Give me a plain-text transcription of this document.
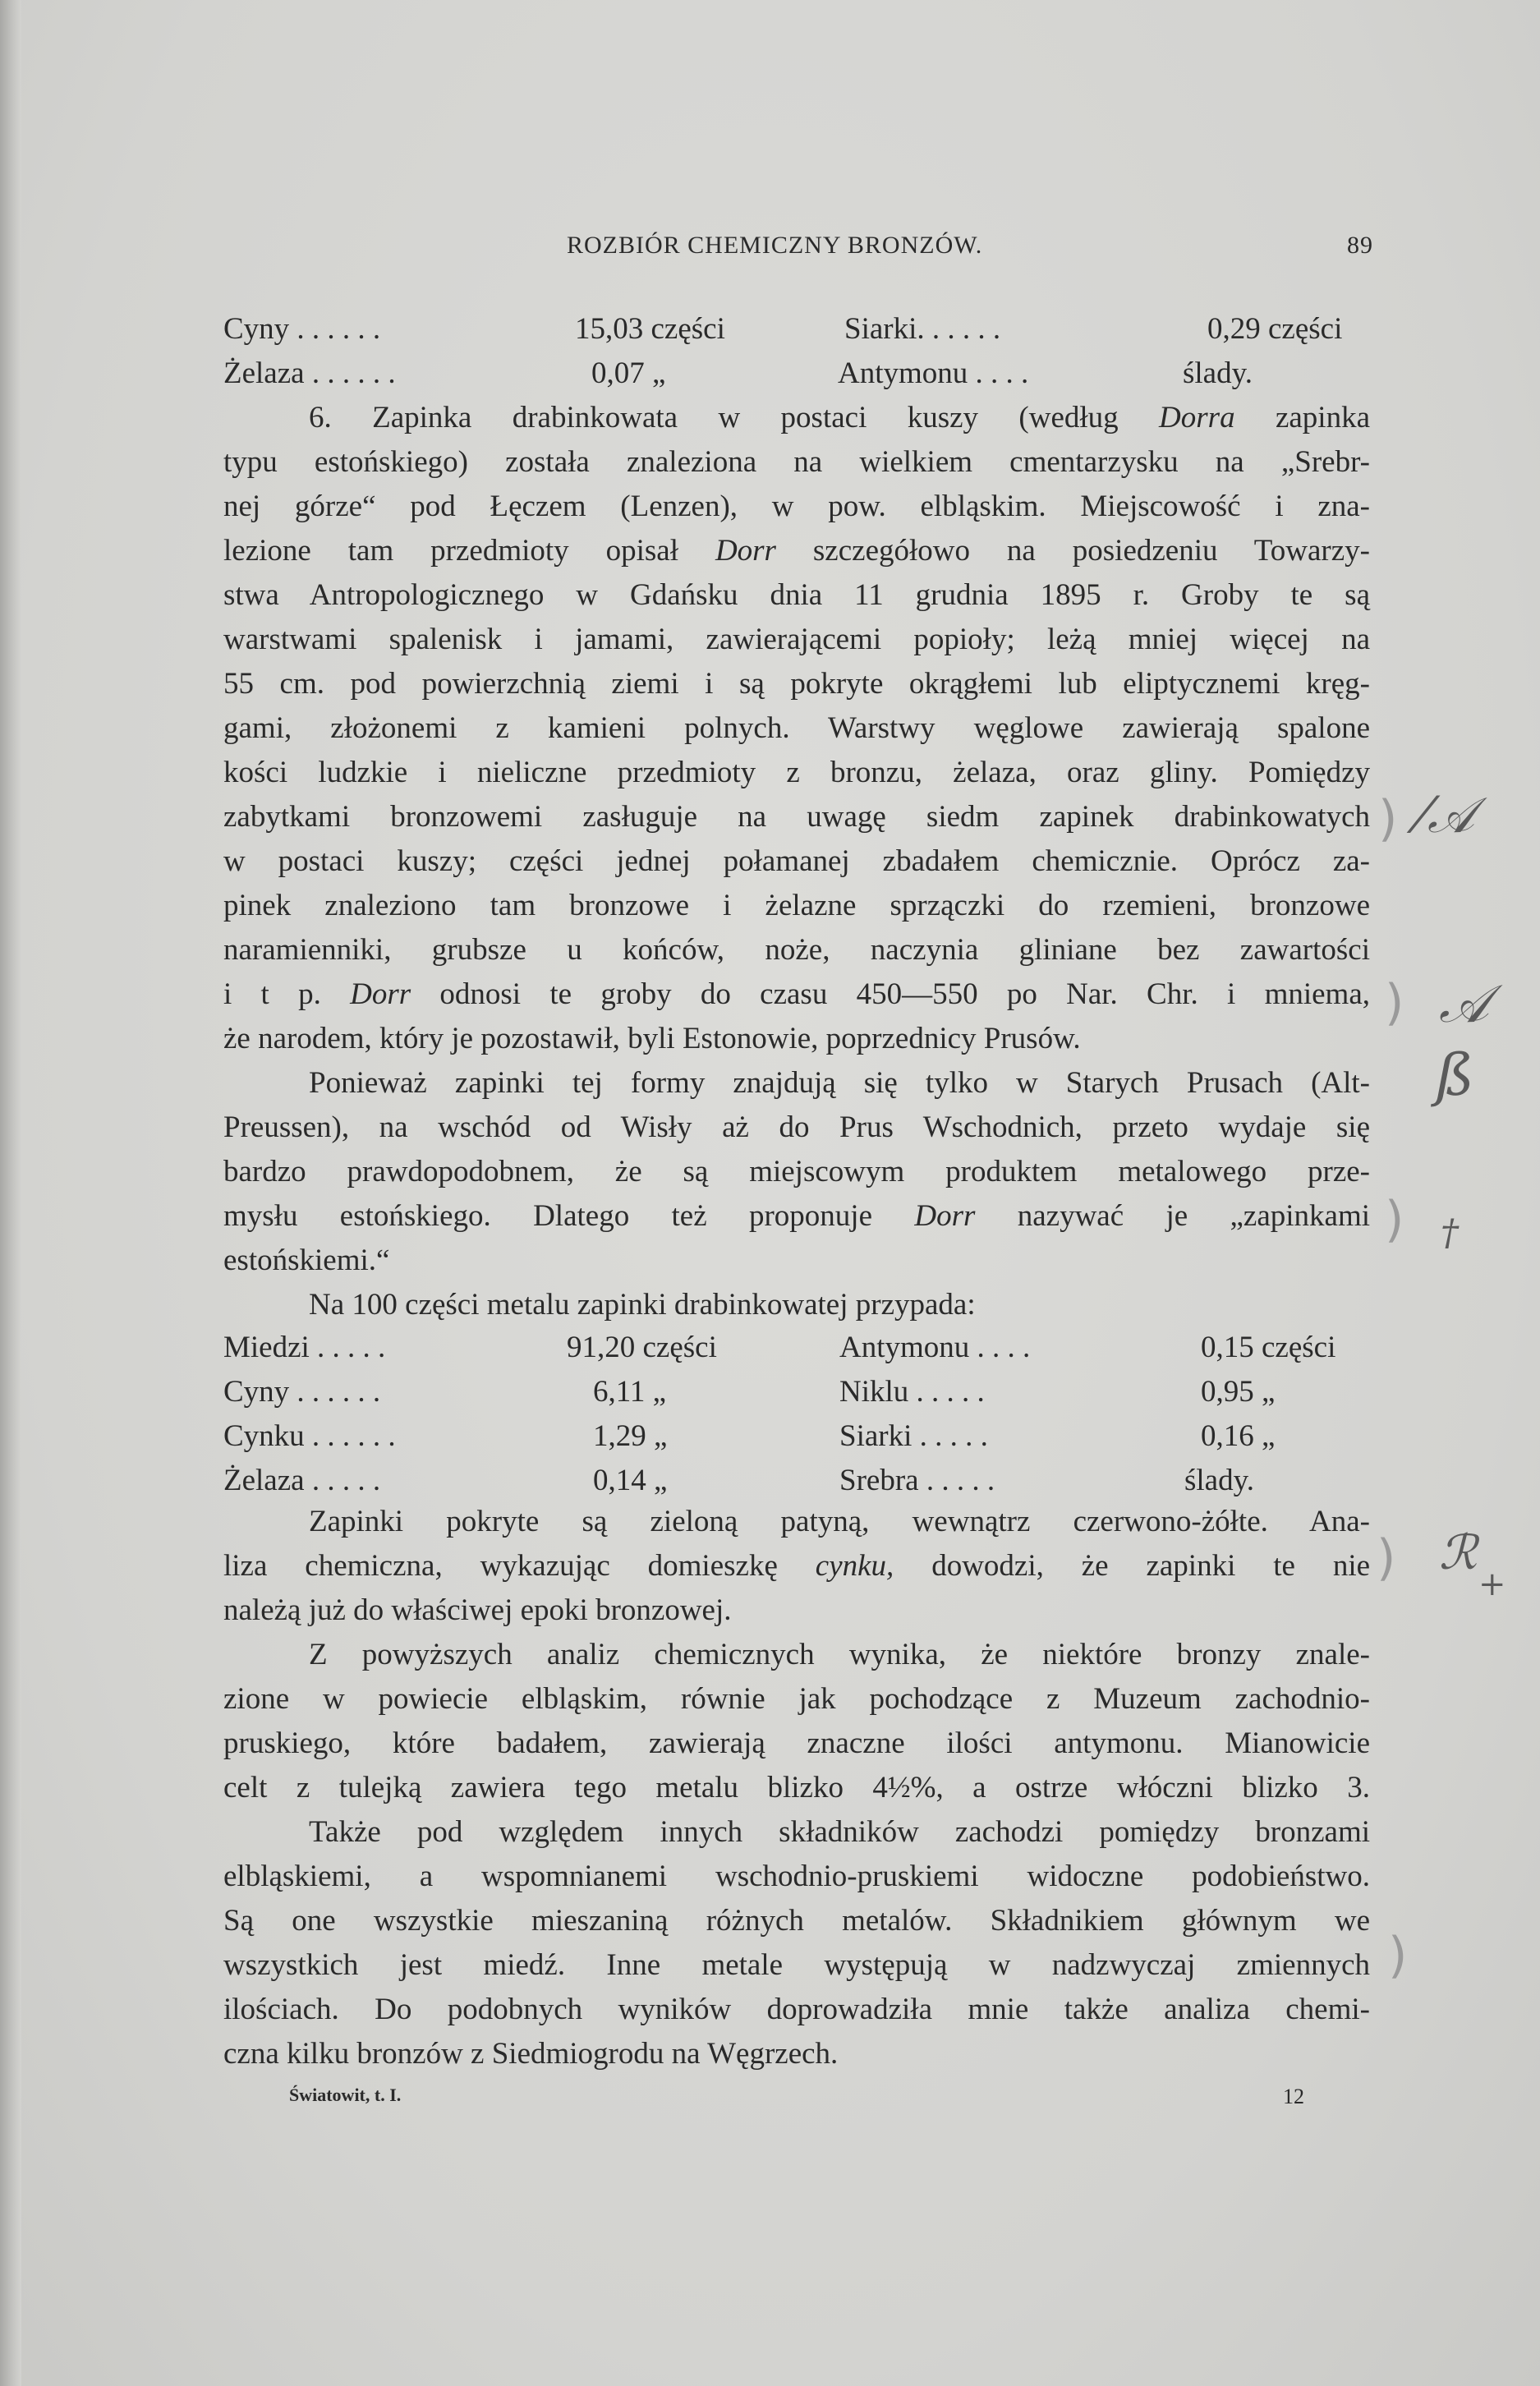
ROZBIÓR CHEMICZNY BRONZÓW.	89
Cyny . . . . . .	15,03 części	Siarki. . . . . .	0,29 części
Żelaza . . . . . .	0,07 „	Antymonu . . . .	ślady.
6. Zapinka drabinkowata w postaci kuszy (według Dorra zapinka
typu estońskiego) została znaleziona na wielkiem cmentarzysku na „Srebr-
nej górze“ pod Łęczem (Lenzen), w pow. elbląskim. Miejscowość i zna-
lezione tam przedmioty opisał Dorr szczegółowo na posiedzeniu Towarzy-
stwa Antropologicznego w Gdańsku dnia 11 grudnia 1895 r. Groby te są
warstwami spalenisk i jamami, zawierającemi popioły; leżą mniej więcej na
55 cm. pod powierzchnią ziemi i są pokryte okrągłemi lub eliptycznemi kręg-
gami, złożonemi z kamieni polnych. Warstwy węglowe zawierają spalone
kości ludzkie i nieliczne przedmioty z bronzu, żelaza, oraz gliny. Pomiędzy
zabytkami bronzowemi zasługuje na uwagę siedm zapinek drabinkowatych
w postaci kuszy; części jednej połamanej zbadałem chemicznie. Oprócz za-
pinek znaleziono tam bronzowe i żelazne sprzączki do rzemieni, bronzowe
naramienniki, grubsze u końców, noże, naczynia gliniane bez zawartości
i t p. Dorr odnosi te groby do czasu 450—550 po Nar. Chr. i mniema,
że narodem, który je pozostawił, byli Estonowie, poprzednicy Prusów.
Ponieważ zapinki tej formy znajdują się tylko w Starych Prusach (Alt-
Preussen), na wschód od Wisły aż do Prus Wschodnich, przeto wydaje się
bardzo prawdopodobnem, że są miejscowym produktem metalowego prze-
mysłu estońskiego. Dlatego też proponuje Dorr nazywać je „zapinkami
estońskiemi.“
Na 100 części metalu zapinki drabinkowatej przypada:
Miedzi . . . . .	91,20 części	Antymonu . . . .	0,15 części
Cyny . . . . . .	6,11 „	Niklu . . . . .	0,95 „
Cynku . . . . . .	1,29 „	Siarki . . . . .	0,16 „
Żelaza . . . . .	0,14 „	Srebra . . . . .	ślady.
Zapinki pokryte są zieloną patyną, wewnątrz czerwono-żółte. Ana-
liza chemiczna, wykazując domieszkę cynku, dowodzi, że zapinki te nie
należą już do właściwej epoki bronzowej.
Z powyższych analiz chemicznych wynika, że niektóre bronzy znale-
zione w powiecie elbląskim, równie jak pochodzące z Muzeum zachodnio-
pruskiego, które badałem, zawierają znaczne ilości antymonu. Mianowicie
celt z tulejką zawiera tego metalu blizko 4½%, a ostrze włóczni blizko 3.
Także pod względem innych składników zachodzi pomiędzy bronzami
elbląskiemi, a wspomnianemi wschodnio-pruskiemi widoczne podobieństwo.
Są one wszystkie mieszaniną różnych metalów. Składnikiem głównym we
wszystkich jest miedź. Inne metale występują w nadzwyczaj zmiennych
ilościach. Do podobnych wyników doprowadziła mnie także analiza chemi-
czna kilku bronzów z Siedmiogrodu na Węgrzech.
Światowit, t. I.	12
) ⁄𝒜
) 𝒜
ß
) †
) ℛ
+
)
